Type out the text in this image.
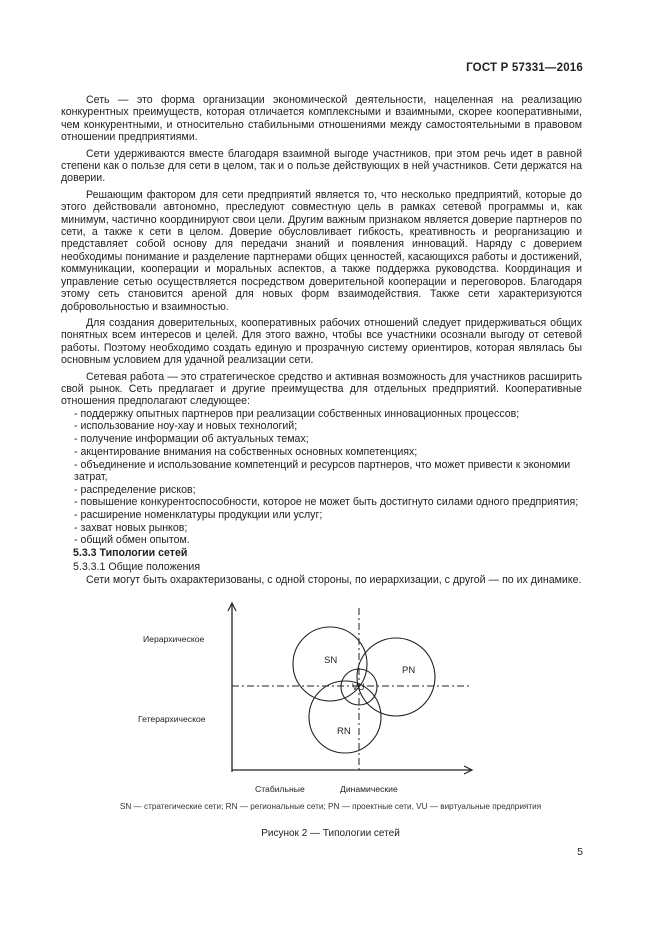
ГОСТ Р 57331—2016

Сеть — это форма организации экономической деятельности, нацеленная на реализацию конкурентных преимуществ, которая отличается комплексными и взаимными, скорее кооперативными, чем конкурентными, и относительно стабильными отношениями между самостоятельными в правовом отношении предприятиями.

Сети удерживаются вместе благодаря взаимной выгоде участников, при этом речь идет в равной степени как о пользе для сети в целом, так и о пользе действующих в ней участников. Сети держатся на доверии.

Решающим фактором для сети предприятий является то, что несколько предприятий, которые до этого действовали автономно, преследуют совместную цель в рамках сетевой программы и, как минимум, частично координируют свои цели. Другим важным признаком является доверие партнеров по сети, а также к сети в целом. Доверие обусловливает гибкость, креативность и реорганизацию и представляет собой основу для передачи знаний и появления инноваций. Наряду с доверием необходимы понимание и разделение партнерами общих ценностей, касающихся работы и достижений, коммуникации, кооперации и моральных аспектов, а также поддержка руководства. Координация и управление сетью осуществляется посредством доверительной кооперации и переговоров. Благодаря этому сеть становится ареной для новых форм взаимодействия. Также сети характеризуются добровольностью и взаимностью.

Для создания доверительных, кооперативных рабочих отношений следует придерживаться общих понятных всем интересов и целей. Для этого важно, чтобы все участники осознали выгоду от сетевой работы. Поэтому необходимо создать единую и прозрачную систему ориентиров, которая являлась бы основным условием для удачной реализации сети.

Сетевая работа — это стратегическое средство и активная возможность для участников расширить свой рынок. Сеть предлагает и другие преимущества для отдельных предприятий. Кооперативные отношения предполагают следующее:

- поддержку опытных партнеров при реализации собственных инновационных процессов;
- использование ноу-хау и новых технологий;
- получение информации об актуальных темах;
- акцентирование внимания на собственных основных компетенциях;
- объединение и использование компетенций и ресурсов партнеров, что может привести к экономии затрат,
- распределение рисков;
- повышение конкурентоспособности, которое не может быть достигнуто силами одного предприятия;
- расширение номенклатуры продукции или услуг;
- захват новых рынков;
- общий обмен опытом.
5.3.3 Типологии сетей
5.3.3.1 Общие положения

Сети могут быть охарактеризованы, с одной стороны, по иерархизации, с другой — по их динамике.

SN
PN
VU
RN
Иерархическое
Гетерархическое
Стабильные	Динамические
SN — стратегические сети; RN — региональные сети; PN — проектные сети, VU — виртуальные предприятия
Рисунок 2 — Типологии сетей
5
